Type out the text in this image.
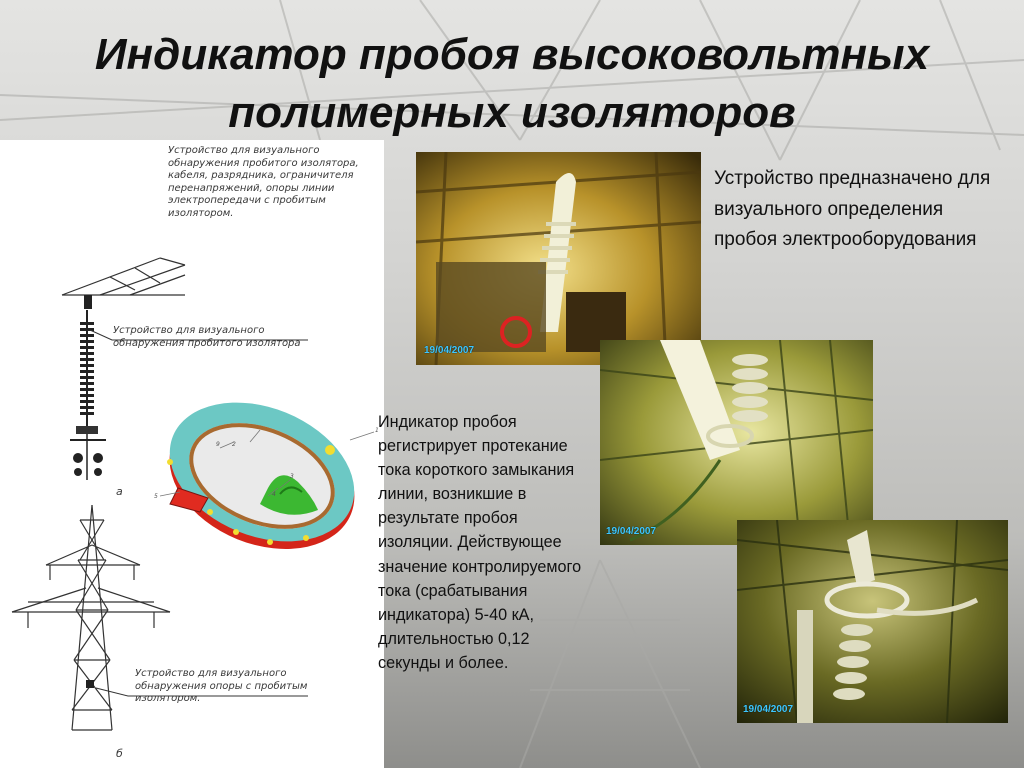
Индикатор пробоя высоковольтных
полимерных изоляторов
Устройство для визуального
обнаружения пробитого изолятора,
кабеля, разрядника, ограничителя
перенапряжений, опоры линии
электропередачи с пробитым
изолятором.
Устройство для визуального
обнаружения пробитого изолятора
Устройство для визуального
обнаружения опоры с пробитым
изолятором.
а
б
1
2
3
4
5
9
19/04/2007
19/04/2007
19/04/2007
Устройство предназначено для визуального определения пробоя электрооборудования
Индикатор пробоя регистрирует протекание тока короткого замыкания линии, возникшие в результате пробоя изоляции. Действующее значение контролируемого тока (срабатывания индикатора) 5-40 кА, длительностью 0,12 секунды и более.
